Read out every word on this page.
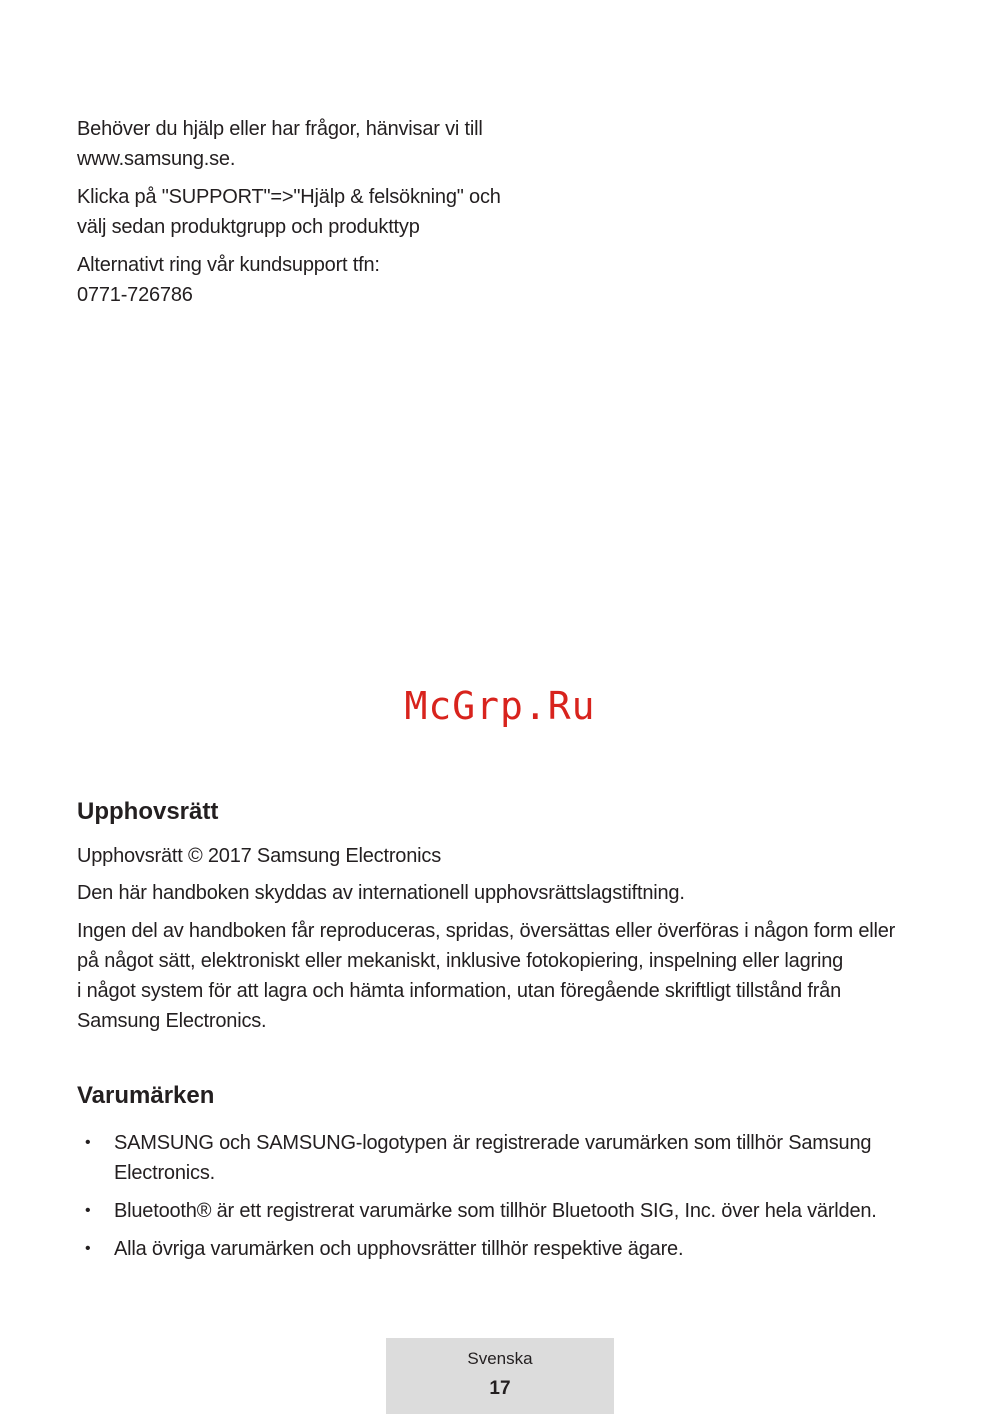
Behöver du hjälp eller har frågor, hänvisar vi till
www.samsung.se.

Klicka på "SUPPORT"=>"Hjälp & felsökning" och
välj sedan produktgrupp och produkttyp

Alternativt ring vår kundsupport tfn:
0771-726786

McGrp.Ru
Upphovsrätt

Upphovsrätt © 2017 Samsung Electronics

Den här handboken skyddas av internationell upphovsrättslagstiftning.

Ingen del av handboken får reproduceras, spridas, översättas eller överföras i någon form eller
på något sätt, elektroniskt eller mekaniskt, inklusive fotokopiering, inspelning eller lagring
i något system för att lagra och hämta information, utan föregående skriftligt tillstånd från
Samsung Electronics.

Varumärken
• SAMSUNG och SAMSUNG-logotypen är registrerade varumärken som tillhör Samsung Electronics.
• Bluetooth® är ett registrerat varumärke som tillhör Bluetooth SIG, Inc. över hela världen.
• Alla övriga varumärken och upphovsrätter tillhör respektive ägare.
Svenska
17
